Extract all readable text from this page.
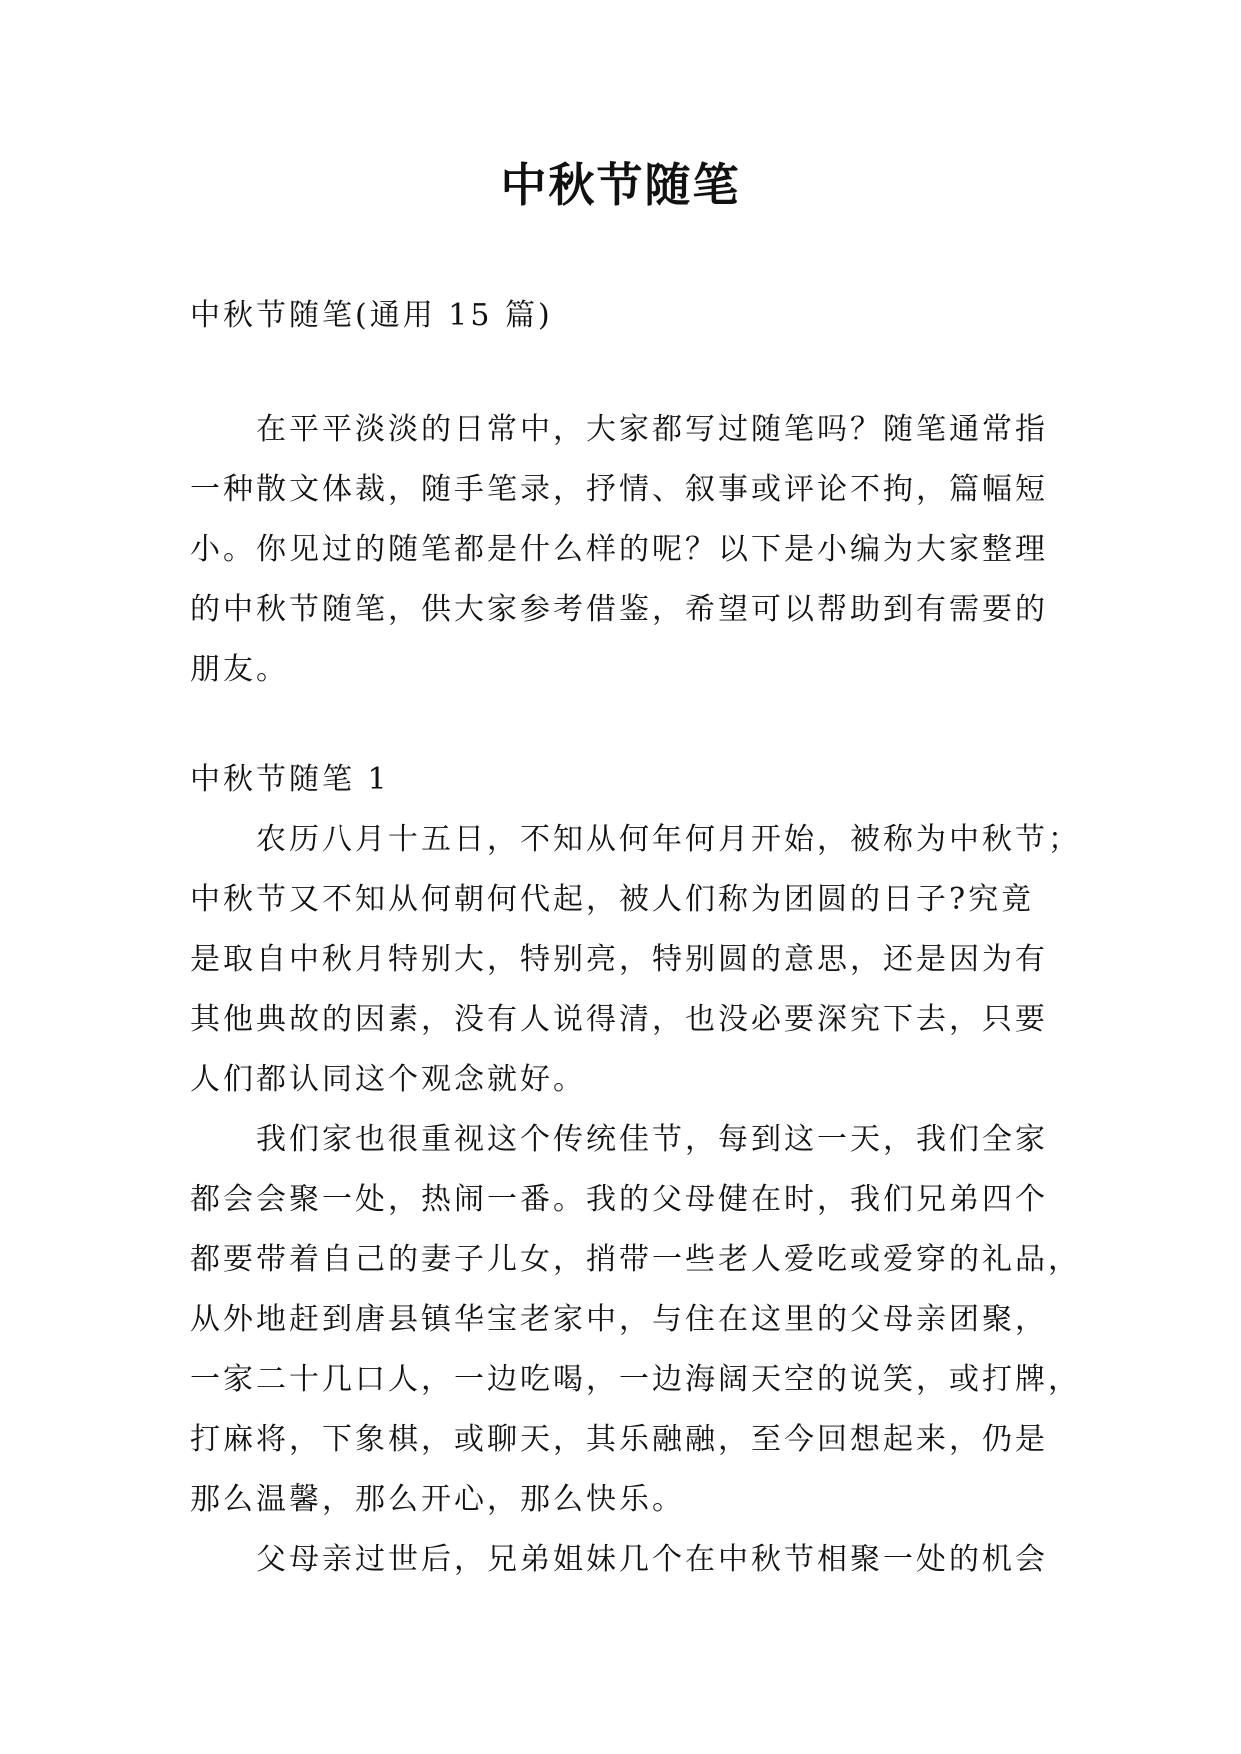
中秋节随笔
中秋节随笔(通用 15 篇)
在平平淡淡的日常中，大家都写过随笔吗？随笔通常指
一种散文体裁，随手笔录，抒情、叙事或评论不拘，篇幅短
小。你见过的随笔都是什么样的呢？以下是小编为大家整理
的中秋节随笔，供大家参考借鉴，希望可以帮助到有需要的
朋友。
中秋节随笔 1
农历八月十五日，不知从何年何月开始，被称为中秋节；
中秋节又不知从何朝何代起，被人们称为团圆的日子?究竟
是取自中秋月特别大，特别亮，特别圆的意思，还是因为有
其他典故的因素，没有人说得清，也没必要深究下去，只要
人们都认同这个观念就好。
我们家也很重视这个传统佳节，每到这一天，我们全家
都会会聚一处，热闹一番。我的父母健在时，我们兄弟四个
都要带着自己的妻子儿女，捎带一些老人爱吃或爱穿的礼品，
从外地赶到唐县镇华宝老家中，与住在这里的父母亲团聚，
一家二十几口人，一边吃喝，一边海阔天空的说笑，或打牌，
打麻将，下象棋，或聊天，其乐融融，至今回想起来，仍是
那么温馨，那么开心，那么快乐。
父母亲过世后，兄弟姐妹几个在中秋节相聚一处的机会
